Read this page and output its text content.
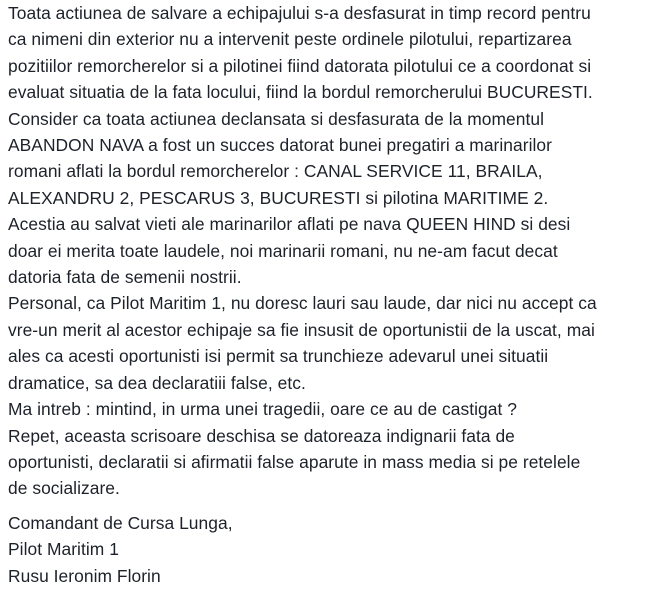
Toata actiunea de salvare a echipajului s-a desfasurat in timp record pentru
ca nimeni din exterior nu a intervenit peste ordinele pilotului, repartizarea
pozitiilor remorcherelor si a pilotinei fiind datorata pilotului ce a coordonat si
evaluat situatia de la fata locului, fiind la bordul remorcherului BUCURESTI.
Consider ca toata actiunea declansata si desfasurata de la momentul
ABANDON NAVA a fost un succes datorat bunei pregatiri a marinarilor
romani aflati la bordul remorcherelor : CANAL SERVICE 11, BRAILA,
ALEXANDRU 2, PESCARUS 3, BUCURESTI si pilotina MARITIME 2.
Acestia au salvat vieti ale marinarilor aflati pe nava QUEEN HIND si desi
doar ei merita toate laudele, noi marinarii romani, nu ne-am facut decat
datoria fata de semenii nostrii.
Personal, ca Pilot Maritim 1, nu doresc lauri sau laude, dar nici nu accept ca
vre-un merit al acestor echipaje sa fie insusit de oportunistii de la uscat, mai
ales ca acesti oportunisti isi permit sa trunchieze adevarul unei situatii
dramatice, sa dea declaratiii false, etc.
Ma intreb : mintind, in urma unei tragedii, oare ce au de castigat ?
Repet, aceasta scrisoare deschisa se datoreaza indignarii fata de
oportunisti, declaratii si afirmatii false aparute in mass media si pe retelele
de socializare.
Comandant de Cursa Lunga,
Pilot Maritim 1
Rusu Ieronim Florin
